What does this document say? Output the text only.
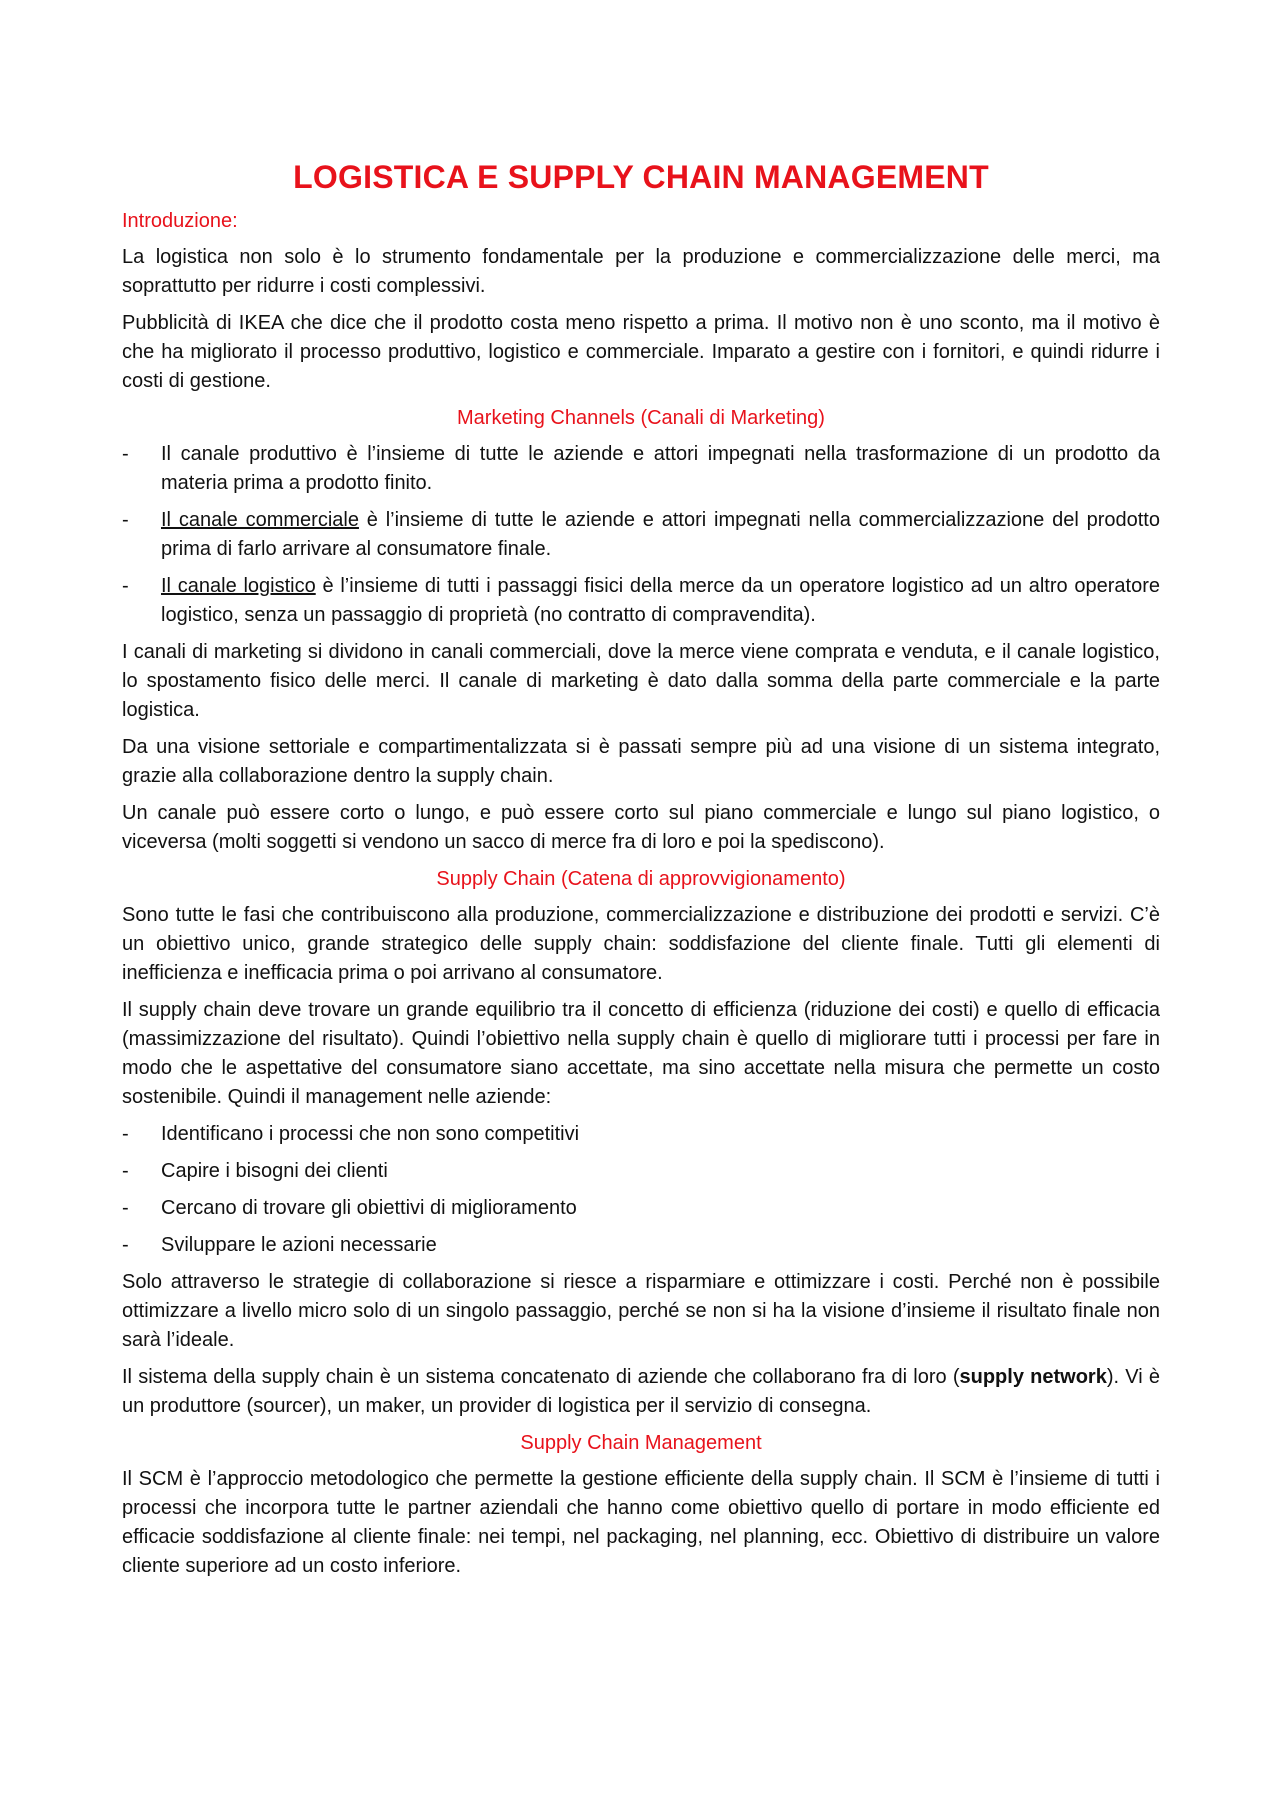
LOGISTICA E SUPPLY CHAIN MANAGEMENT
Introduzione:

La logistica non solo è lo strumento fondamentale per la produzione e commercializzazione delle merci, ma soprattutto per ridurre i costi complessivi.

Pubblicità di IKEA che dice che il prodotto costa meno rispetto a prima. Il motivo non è uno sconto, ma il motivo è che ha migliorato il processo produttivo, logistico e commerciale. Imparato a gestire con i fornitori, e quindi ridurre i costi di gestione.

Marketing Channels (Canali di Marketing)
- Il canale produttivo è l’insieme di tutte le aziende e attori impegnati nella trasformazione di un prodotto da materia prima a prodotto finito.
- Il canale commerciale è l’insieme di tutte le aziende e attori impegnati nella commercializzazione del prodotto prima di farlo arrivare al consumatore finale.
- Il canale logistico è l’insieme di tutti i passaggi fisici della merce da un operatore logistico ad un altro operatore logistico, senza un passaggio di proprietà (no contratto di compravendita).

I canali di marketing si dividono in canali commerciali, dove la merce viene comprata e venduta, e il canale logistico, lo spostamento fisico delle merci. Il canale di marketing è dato dalla somma della parte commerciale e la parte logistica.

Da una visione settoriale e compartimentalizzata si è passati sempre più ad una visione di un sistema integrato, grazie alla collaborazione dentro la supply chain.

Un canale può essere corto o lungo, e può essere corto sul piano commerciale e lungo sul piano logistico, o viceversa (molti soggetti si vendono un sacco di merce fra di loro e poi la spediscono).

Supply Chain (Catena di approvvigionamento)

Sono tutte le fasi che contribuiscono alla produzione, commercializzazione e distribuzione dei prodotti e servizi. C’è un obiettivo unico, grande strategico delle supply chain: soddisfazione del cliente finale. Tutti gli elementi di inefficienza e inefficacia prima o poi arrivano al consumatore.

Il supply chain deve trovare un grande equilibrio tra il concetto di efficienza (riduzione dei costi) e quello di efficacia (massimizzazione del risultato). Quindi l’obiettivo nella supply chain è quello di migliorare tutti i processi per fare in modo che le aspettative del consumatore siano accettate, ma sino accettate nella misura che permette un costo sostenibile. Quindi il management nelle aziende:

- Identificano i processi che non sono competitivi
- Capire i bisogni dei clienti
- Cercano di trovare gli obiettivi di miglioramento
- Sviluppare le azioni necessarie

Solo attraverso le strategie di collaborazione si riesce a risparmiare e ottimizzare i costi. Perché non è possibile ottimizzare a livello micro solo di un singolo passaggio, perché se non si ha la visione d’insieme il risultato finale non sarà l’ideale.

Il sistema della supply chain è un sistema concatenato di aziende che collaborano fra di loro (supply network). Vi è un produttore (sourcer), un maker, un provider di logistica per il servizio di consegna.

Supply Chain Management

Il SCM è l’approccio metodologico che permette la gestione efficiente della supply chain. Il SCM è l’insieme di tutti i processi che incorpora tutte le partner aziendali che hanno come obiettivo quello di portare in modo efficiente ed efficacie soddisfazione al cliente finale: nei tempi, nel packaging, nel planning, ecc. Obiettivo di distribuire un valore cliente superiore ad un costo inferiore.
